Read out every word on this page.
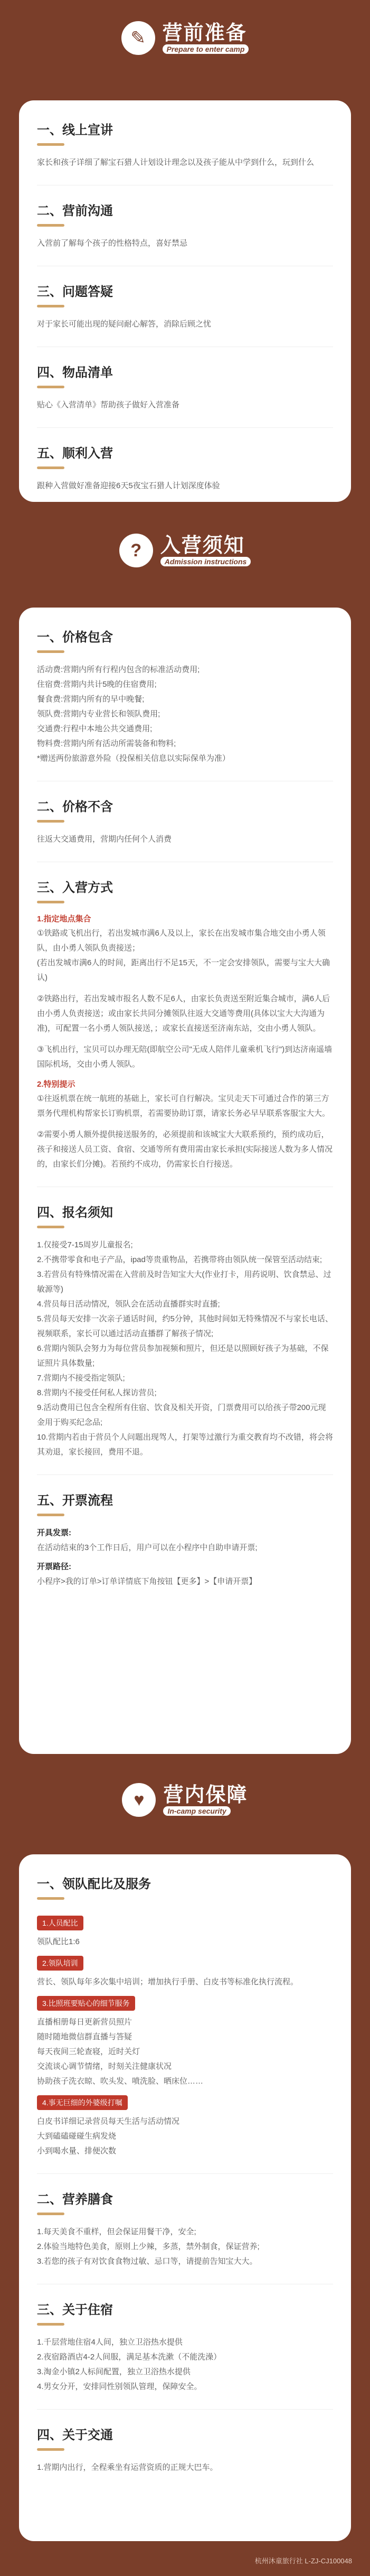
✎ 营前准备
Prepare to enter camp
一、线上宣讲

家长和孩子详细了解宝石猎人计划设计理念以及孩子能从中学到什么，玩到什么

二、营前沟通

入营前了解每个孩子的性格特点，喜好禁忌

三、问题答疑

对于家长可能出现的疑问耐心解答，消除后顾之忧

四、物品清单

贴心《入营清单》帮助孩子做好入营准备

五、顺利入营

跟种入营做好准备迎接6天5夜宝石猎人计划深度体验

? 入营须知
Admission instructions
一、价格包含

活动费:营期内所有行程内包含的标准活动费用;

住宿费:营期内共计5晚的住宿费用;

餐食费:营期内所有的早中晚餐;

领队费:营期内专业营长和领队费用;

交通费:行程中本地公共交通费用;

物料费:营期内所有活动所需装备和物料;

*赠送两份旅游意外险（投保相关信息以实际保单为准）

二、价格不含

往返大交通费用，营期内任何个人消费

三、入营方式
1.指定地点集合

①铁路或飞机出行，若出发城市满6人及以上，家长在出发城市集合地交由小勇人领队，由小勇人领队负责接送；
(若出发城市满6人的时间，距离出行不足15天，不一定会安排领队，需要与宝大大确认)

②铁路出行，若出发城市报名人数不足6人，由家长负责送至附近集合城市，满6人后由小勇人负责接送；或由家长共同分摊领队往返大交通等费用(具体以宝大大沟通为准)，可配置一名小勇人领队接送，；或家长直接送至济南东站，交由小勇人领队。

③飞机出行，宝贝可以办理无陪(即航空公司"无成人陪伴儿童乘机飞行")到达济南遥墙国际机场，交由小勇人领队。

2.特别提示

①往返机票在统一航班的基础上，家长可自行解决。宝贝走天下可通过合作的第三方票务代理机构帮家长订购机票，若需要协助订票，请家长务必早早联系客服宝大大。

②需要小勇人额外提供接送服务的，必须提前和该城宝大大联系预约，预约成功后，孩子和接送人员工资、食宿、交通等所有费用需由家长承担(实际接送人数为多人情况的，由家长们分摊)。若预约不成功，仍需家长自行接送。

四、报名须知

1.仅接受7-15周岁儿童报名;

2.不携带零食和电子产品，ipad等贵重物品，若携带将由领队统一保管至活动结束;

3.若营员有特殊情况需在入营前及时告知宝大大(作业打卡，用药说明、饮食禁忌、过敏源等)

4.营员每日活动情况，领队会在活动直播群实时直播;

5.营员每天安排一次亲子通话时间，约5分钟，其他时间如无特殊情况不与家长电话、视频联系，家长可以通过活动直播群了解孩子情况;

6.营期内领队会努力为每位营员参加视频和照片，但还是以照顾好孩子为基础，不保证照片具体数量;

7.营期内不接受指定领队;

8.营期内不接受任何私人探访营员;

9.活动费用已包含全程所有住宿、饮食及相关开资，门票费用可以给孩子带200元现金用于购买纪念品;

10.营期内若由于营员个人问题出现驾人，打架等过激行为重交教育均不改错，将会将其劝退，家长接回，费用不退。

五、开票流程

开具发票:

在活动结束的3个工作日后，用户可以在小程序中自助申请开票;

开票路径:

小程序>我的订单>订单详情底下角按钮【更多】>【申请开票】

♥ 营内保障
In-camp security
一、领队配比及服务
1.人员配比

领队配比1:6

2.领队培训

营长、领队每年多次集中培训；增加执行手册、白皮书等标准化执行流程。

3.比照班要贴心的细节服务

直播相册每日更新营员照片
随时随地微信群直播与答疑
每天夜间三轮查寝，近时关灯
交流谈心调节情绪，时刻关注健康状况
协助孩子洗衣晾、吹头发、喷洗脸、晒床位……

4.事无巨细的外婆级打嘱

白皮书详细记录营员每天生活与活动情况
大到磕磕碰碰生病发烧
小到喝水量、排便次数

二、营养膳食

1.每天美食不重样，但会保证用餐干净，安全;

2.体验当地特色美食，原则上少辣，多蒸，禁外制食，保证营养;

3.若您的孩子有对饮食食物过敏、忌口等，请提前告知宝大大。

三、关于住宿

1.千层营地住宿4人间，独立卫浴热水提供

2.夜宿路酒店4-2人间服，满足基本洗漱（不能洗澡）

3.淘金小镇2人标间配置，独立卫浴热水提供

4.男女分开，安排同性别领队管理，保障安全。

四、关于交通

1.营期内出行，全程乘坐有运营资质的正规大巴车。

杭州沐童旅行社 L-ZJ-CJ100048
